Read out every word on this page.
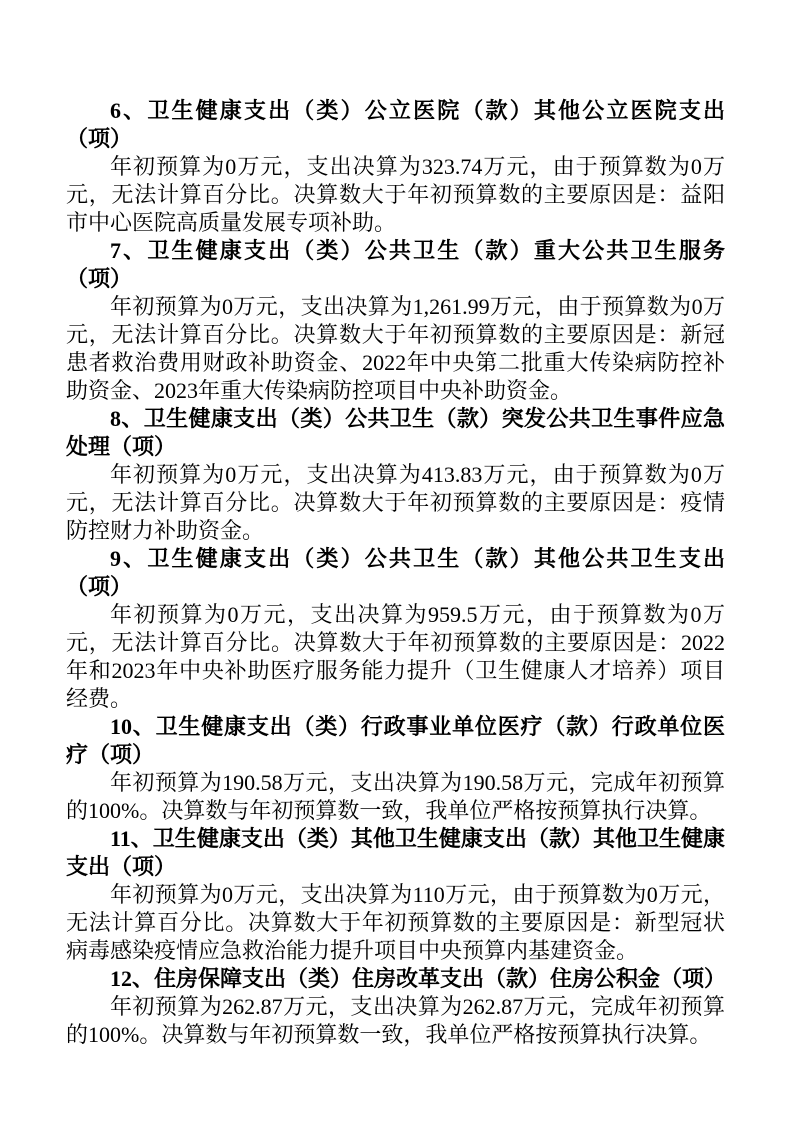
6、卫生健康支出（类）公立医院（款）其他公立医院支出（项）

年初预算为0万元，支出决算为323.74万元，由于预算数为0万元，无法计算百分比。决算数大于年初预算数的主要原因是：益阳市中心医院高质量发展专项补助。

7、卫生健康支出（类）公共卫生（款）重大公共卫生服务（项）

年初预算为0万元，支出决算为1,261.99万元，由于预算数为0万元，无法计算百分比。决算数大于年初预算数的主要原因是：新冠患者救治费用财政补助资金、2022年中央第二批重大传染病防控补助资金、2023年重大传染病防控项目中央补助资金。

8、卫生健康支出（类）公共卫生（款）突发公共卫生事件应急处理（项）

年初预算为0万元，支出决算为413.83万元，由于预算数为0万元，无法计算百分比。决算数大于年初预算数的主要原因是：疫情防控财力补助资金。

9、卫生健康支出（类）公共卫生（款）其他公共卫生支出（项）

年初预算为0万元，支出决算为959.5万元，由于预算数为0万元，无法计算百分比。决算数大于年初预算数的主要原因是：2022年和2023年中央补助医疗服务能力提升（卫生健康人才培养）项目经费。

10、卫生健康支出（类）行政事业单位医疗（款）行政单位医疗（项）

年初预算为190.58万元，支出决算为190.58万元，完成年初预算的100%。决算数与年初预算数一致，我单位严格按预算执行决算。

11、卫生健康支出（类）其他卫生健康支出（款）其他卫生健康支出（项）

年初预算为0万元，支出决算为110万元，由于预算数为0万元，无法计算百分比。决算数大于年初预算数的主要原因是：新型冠状病毒感染疫情应急救治能力提升项目中央预算内基建资金。

12、住房保障支出（类）住房改革支出（款）住房公积金（项）

年初预算为262.87万元，支出决算为262.87万元，完成年初预算的100%。决算数与年初预算数一致，我单位严格按预算执行决算。
